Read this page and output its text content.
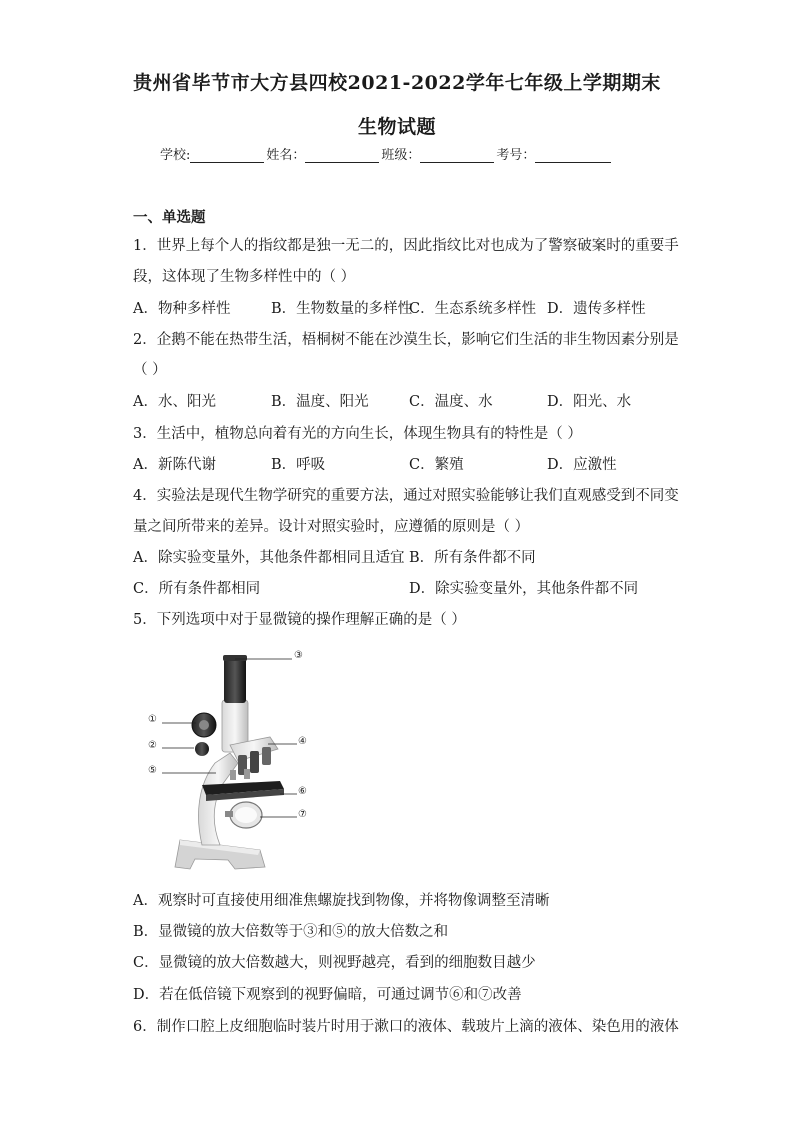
贵州省毕节市大方县四校2021-2022学年七年级上学期期末
生物试题
学校:	姓名：	班级：	考号：
一、单选题
1．世界上每个人的指纹都是独一无二的，因此指纹比对也成为了警察破案时的重要手
段，这体现了生物多样性中的（ ）
A．物种多样性	B．生物数量的多样性
C．生态系统多样性 D．遗传多样性
2．企鹅不能在热带生活，梧桐树不能在沙漠生长，影响它们生活的非生物因素分别是
（ ）
A．水、阳光	B．温度、阳光	C．温度、水	D．阳光、水
3．生活中，植物总向着有光的方向生长，体现生物具有的特性是（ ）
A．新陈代谢	B．呼吸	C．繁殖	D．应激性
4．实验法是现代生物学研究的重要方法，通过对照实验能够让我们直观感受到不同变
量之间所带来的差异。设计对照实验时，应遵循的原则是（ ）
A．除实验变量外，其他条件都相同且适宜 B．所有条件都不同
C．所有条件都相同	D．除实验变量外，其他条件都不同
5．下列选项中对于显微镜的操作理解正确的是（ ）
③
①
④
②
⑤
⑥
⑦
A．观察时可直接使用细准焦螺旋找到物像，并将物像调整至清晰
B．显微镜的放大倍数等于③和⑤的放大倍数之和
C．显微镜的放大倍数越大，则视野越亮，看到的细胞数目越少
D．若在低倍镜下观察到的视野偏暗，可通过调节⑥和⑦改善
6．制作口腔上皮细胞临时装片时用于漱口的液体、载玻片上滴的液体、染色用的液体
